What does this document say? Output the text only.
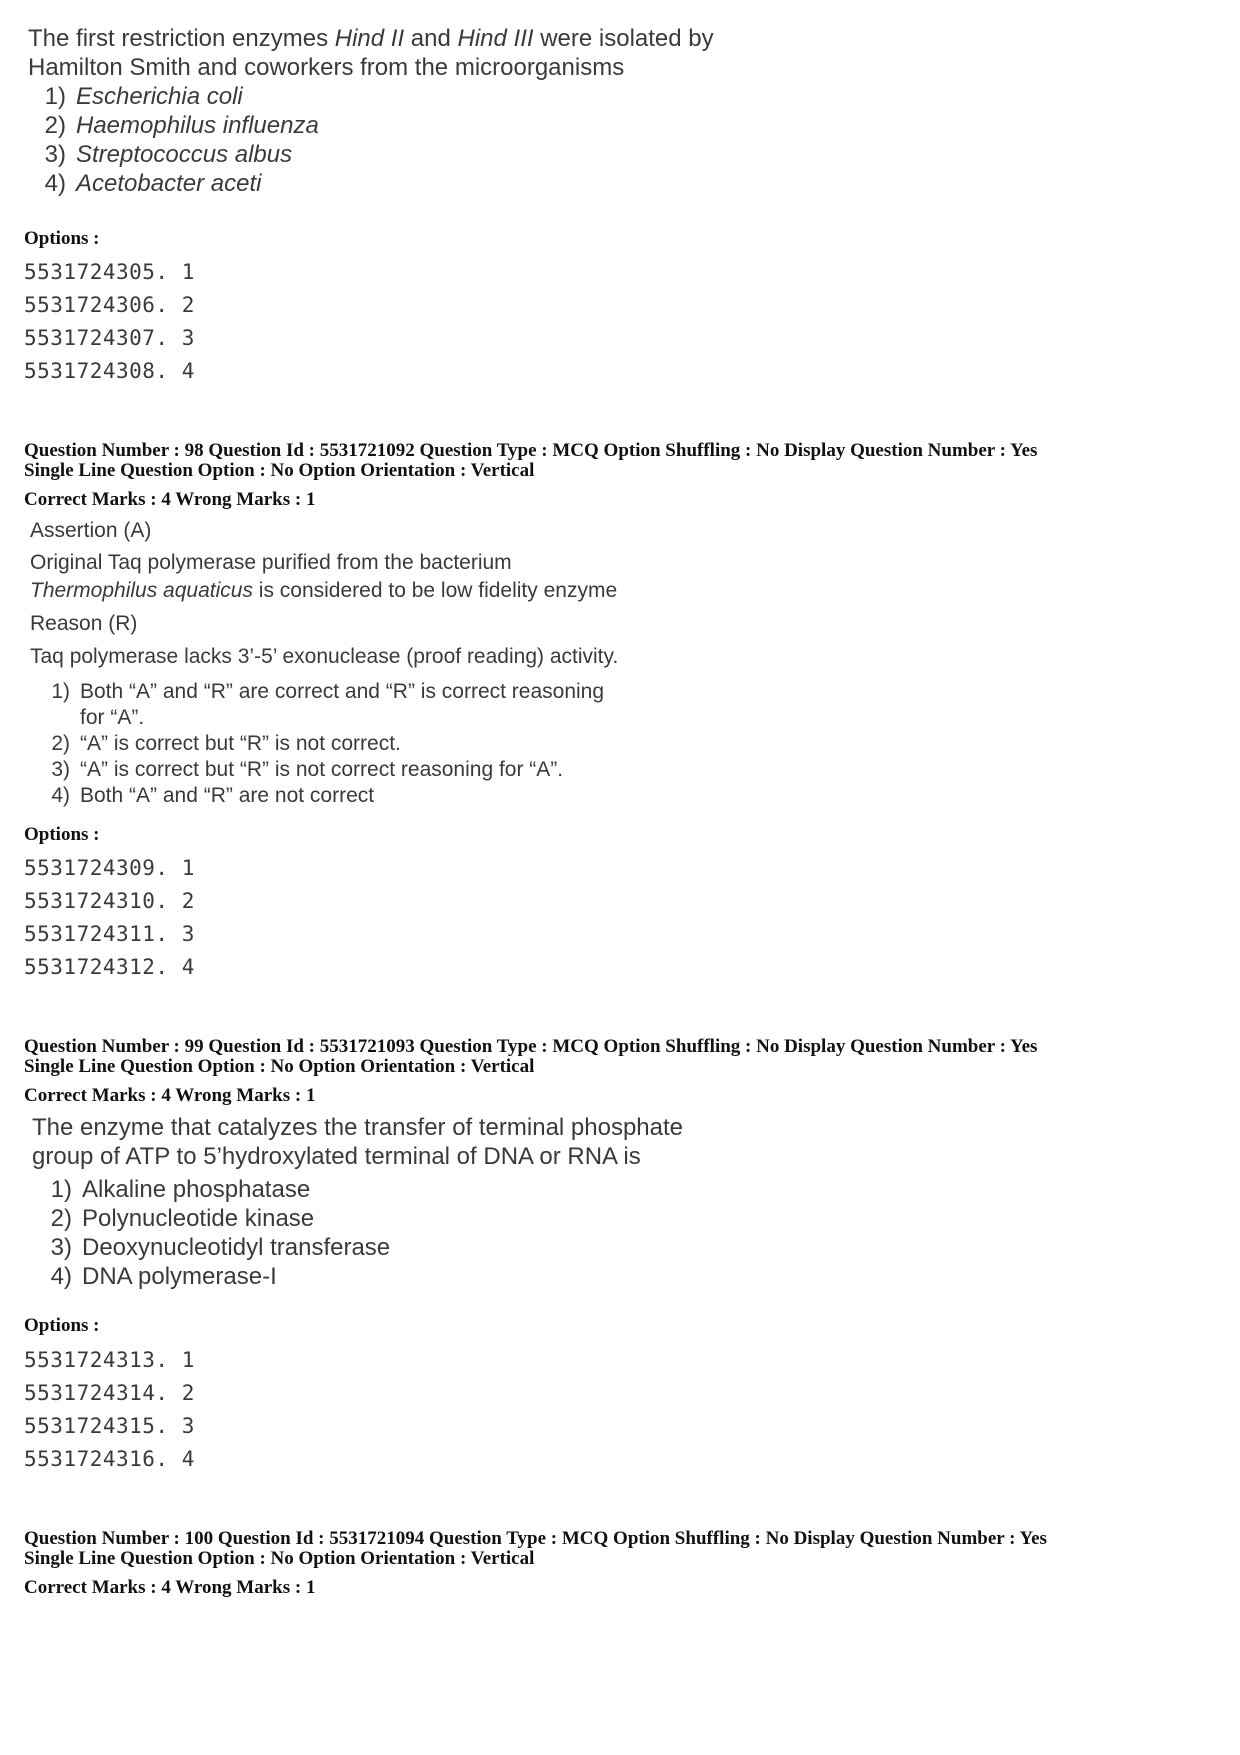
The first restriction enzymes Hind II and Hind III were isolated by
Hamilton Smith and coworkers from the microorganisms
1) Escherichia coli
2) Haemophilus influenza
3) Streptococcus albus
4) Acetobacter aceti
Options :
5531724305. 1
5531724306. 2
5531724307. 3
5531724308. 4
Question Number : 98 Question Id : 5531721092 Question Type : MCQ Option Shuffling : No Display Question Number : Yes
Single Line Question Option : No Option Orientation : Vertical
Correct Marks : 4 Wrong Marks : 1
Assertion (A)
Original Taq polymerase purified from the bacterium
Thermophilus aquaticus is considered to be low fidelity enzyme
Reason (R)
Taq polymerase lacks 3’-5’ exonuclease (proof reading) activity.
1) Both “A” and “R” are correct and “R” is correct reasoning
for “A”.
2) “A” is correct but “R” is not correct.
3) “A” is correct but “R” is not correct reasoning for “A”.
4) Both “A” and “R” are not correct
Options :
5531724309. 1
5531724310. 2
5531724311. 3
5531724312. 4
Question Number : 99 Question Id : 5531721093 Question Type : MCQ Option Shuffling : No Display Question Number : Yes
Single Line Question Option : No Option Orientation : Vertical
Correct Marks : 4 Wrong Marks : 1
The enzyme that catalyzes the transfer of terminal phosphate
group of ATP to 5’hydroxylated terminal of DNA or RNA is
1) Alkaline phosphatase
2) Polynucleotide kinase
3) Deoxynucleotidyl transferase
4) DNA polymerase-I
Options :
5531724313. 1
5531724314. 2
5531724315. 3
5531724316. 4
Question Number : 100 Question Id : 5531721094 Question Type : MCQ Option Shuffling : No Display Question Number : Yes
Single Line Question Option : No Option Orientation : Vertical
Correct Marks : 4 Wrong Marks : 1
